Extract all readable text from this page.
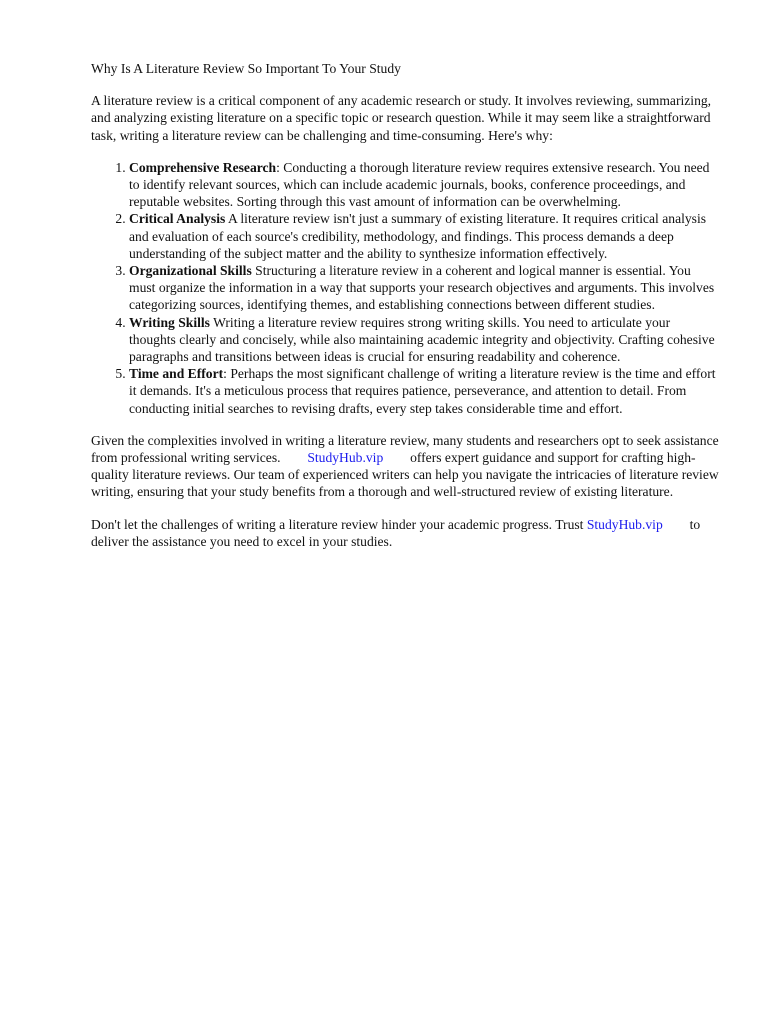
Why Is A Literature Review So Important To Your Study

A literature review is a critical component of any academic research or study. It involves reviewing, summarizing, and analyzing existing literature on a specific topic or research question. While it may seem like a straightforward task, writing a literature review can be challenging and time-consuming. Here's why:

1. Comprehensive Research: Conducting a thorough literature review requires extensive research. You need to identify relevant sources, which can include academic journals, books, conference proceedings, and reputable websites. Sorting through this vast amount of information can be overwhelming.
2. Critical Analysis A literature review isn't just a summary of existing literature. It requires critical analysis and evaluation of each source's credibility, methodology, and findings. This process demands a deep understanding of the subject matter and the ability to synthesize information effectively.
3. Organizational Skills Structuring a literature review in a coherent and logical manner is essential. You must organize the information in a way that supports your research objectives and arguments. This involves categorizing sources, identifying themes, and establishing connections between different studies.
4. Writing Skills Writing a literature review requires strong writing skills. You need to articulate your thoughts clearly and concisely, while also maintaining academic integrity and objectivity. Crafting cohesive paragraphs and transitions between ideas is crucial for ensuring readability and coherence.
5. Time and Effort: Perhaps the most significant challenge of writing a literature review is the time and effort it demands. It's a meticulous process that requires patience, perseverance, and attention to detail. From conducting initial searches to revising drafts, every step takes considerable time and effort.

Given the complexities involved in writing a literature review, many students and researchers opt to seek assistance from professional writing services. StudyHub.vip offers expert guidance and support for crafting high-quality literature reviews. Our team of experienced writers can help you navigate the intricacies of literature review writing, ensuring that your study benefits from a thorough and well-structured review of existing literature.

Don't let the challenges of writing a literature review hinder your academic progress. Trust StudyHub.vip to deliver the assistance you need to excel in your studies.
